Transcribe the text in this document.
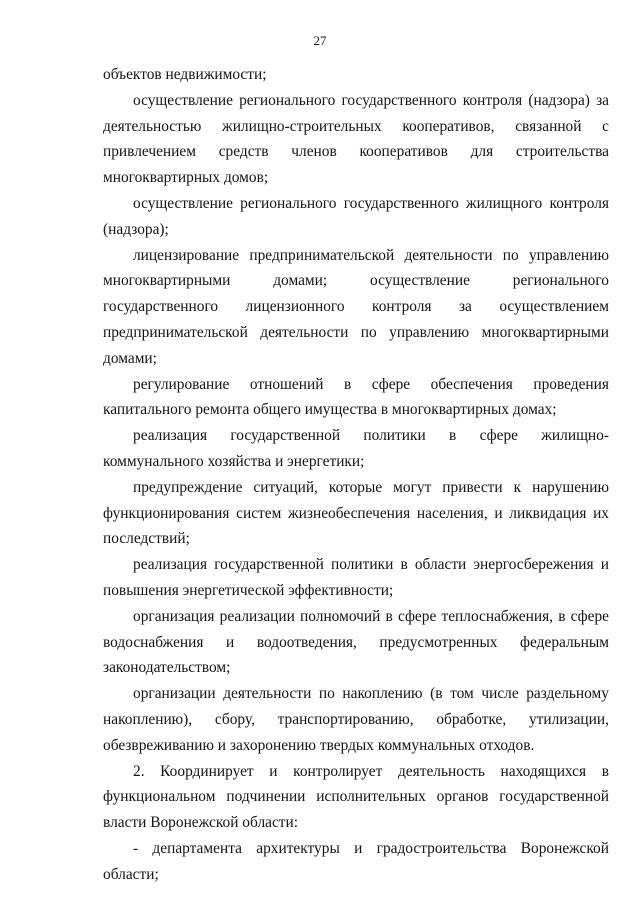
27

объектов недвижимости;

осуществление регионального государственного контроля (надзора) за деятельностью жилищно-строительных кооперативов, связанной с привлечением средств членов кооперативов для строительства многоквартирных домов;

осуществление регионального государственного жилищного контроля (надзора);

лицензирование предпринимательской деятельности по управлению многоквартирными домами; осуществление регионального государственного лицензионного контроля за осуществлением предпринимательской деятельности по управлению многоквартирными домами;

регулирование отношений в сфере обеспечения проведения капитального ремонта общего имущества в многоквартирных домах;

реализация государственной политики в сфере жилищно-коммунального хозяйства и энергетики;

предупреждение ситуаций, которые могут привести к нарушению функционирования систем жизнеобеспечения населения, и ликвидация их последствий;

реализация государственной политики в области энергосбережения и повышения энергетической эффективности;

организация реализации полномочий в сфере теплоснабжения, в сфере водоснабжения и водоотведения, предусмотренных федеральным законодательством;

организации деятельности по накоплению (в том числе раздельному накоплению), сбору, транспортированию, обработке, утилизации, обезвреживанию и захоронению твердых коммунальных отходов.

2. Координирует и контролирует деятельность находящихся в функциональном подчинении исполнительных органов государственной власти Воронежской области:

- департамента архитектуры и градостроительства Воронежской области;
